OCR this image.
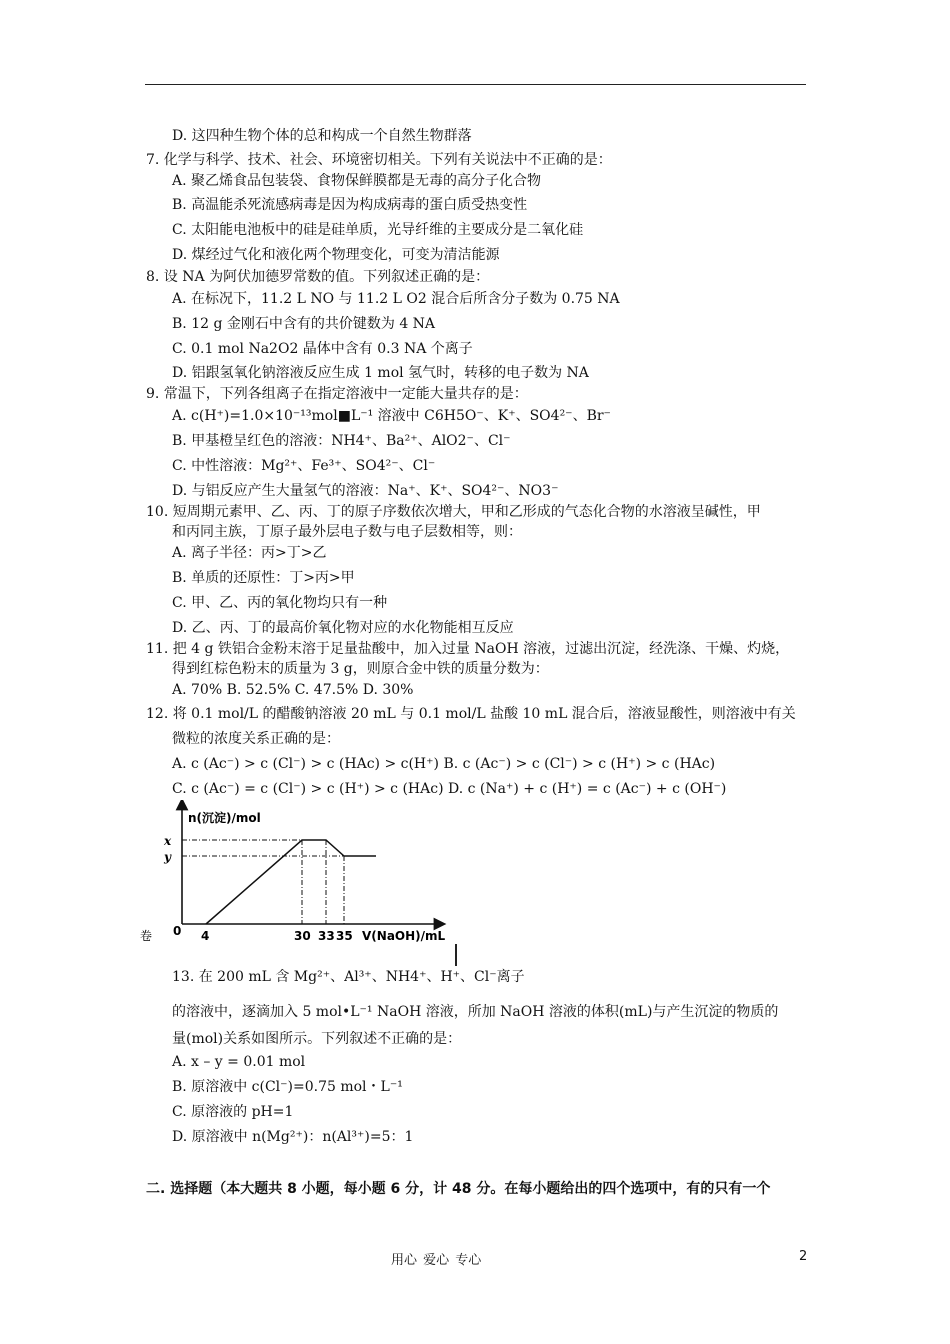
D. 这四种生物个体的总和构成一个自然生物群落
7. 化学与科学、技术、社会、环境密切相关。下列有关说法中不正确的是：
A. 聚乙烯食品包装袋、食物保鲜膜都是无毒的高分子化合物
B. 高温能杀死流感病毒是因为构成病毒的蛋白质受热变性
C. 太阳能电池板中的硅是硅单质，光导纤维的主要成分是二氧化硅
D. 煤经过气化和液化两个物理变化，可变为清洁能源
8. 设 NA 为阿伏加德罗常数的值。下列叙述正确的是：
A. 在标况下，11.2 L NO 与 11.2 L O2 混合后所含分子数为 0.75 NA
B. 12 g 金刚石中含有的共价键数为 4 NA
C. 0.1 mol Na2O2 晶体中含有 0.3 NA 个离子
D. 铝跟氢氧化钠溶液反应生成 1 mol 氢气时，转移的电子数为 NA
9. 常温下，下列各组离子在指定溶液中一定能大量共存的是：
A. c(H⁺)=1.0×10⁻¹³mol■L⁻¹ 溶液中 C6H5O⁻、K⁺、SO4²⁻、Br⁻
B. 甲基橙呈红色的溶液：NH4⁺、Ba²⁺、AlO2⁻、Cl⁻
C. 中性溶液：Mg²⁺、Fe³⁺、SO4²⁻、Cl⁻
D. 与铝反应产生大量氢气的溶液：Na⁺、K⁺、SO4²⁻、NO3⁻
10. 短周期元素甲、乙、丙、丁的原子序数依次增大，甲和乙形成的气态化合物的水溶液呈碱性，甲
和丙同主族，丁原子最外层电子数与电子层数相等，则：
A. 离子半径：丙>丁>乙
B. 单质的还原性：丁>丙>甲
C. 甲、乙、丙的氧化物均只有一种
D. 乙、丙、丁的最高价氧化物对应的水化物能相互反应
11. 把 4 g 铁铝合金粉末溶于足量盐酸中，加入过量 NaOH 溶液，过滤出沉淀，经洗涤、干燥、灼烧，
得到红棕色粉末的质量为 3 g，则原合金中铁的质量分数为：
A. 70% B. 52.5% C. 47.5% D. 30%
12. 将 0.1 mol/L 的醋酸钠溶液 20 mL 与 0.1 mol/L 盐酸 10 mL 混合后，溶液显酸性，则溶液中有关
微粒的浓度关系正确的是：
A. c (Ac⁻) > c (Cl⁻) > c (HAc) > c(H⁺) B. c (Ac⁻) > c (Cl⁻) > c (H⁺) > c (HAc)
C. c (Ac⁻) = c (Cl⁻) > c (H⁺) > c (HAc) D. c (Na⁺) + c (H⁺) = c (Ac⁻) + c (OH⁻)
13. 在 200 mL 含 Mg²⁺、Al³⁺、NH4⁺、H⁺、Cl⁻离子
的溶液中，逐滴加入 5 mol•L⁻¹ NaOH 溶液，所加 NaOH 溶液的体积(mL)与产生沉淀的物质的
量(mol)关系如图所示。下列叙述不正确的是：
A. x – y = 0.01 mol
B. 原溶液中 c(Cl⁻)=0.75 mol・L⁻¹
C. 原溶液的 pH=1
D. 原溶液中 n(Mg²⁺)：n(Al³⁺)=5：1
n(沉淀)/mol
V(NaOH)/mL
x
y
0 4	30 33 35
卷
二. 选择题（本大题共 8 小题，每小题 6 分，计 48 分。在每小题给出的四个选项中，有的只有一个
用心 爱心 专心	2
